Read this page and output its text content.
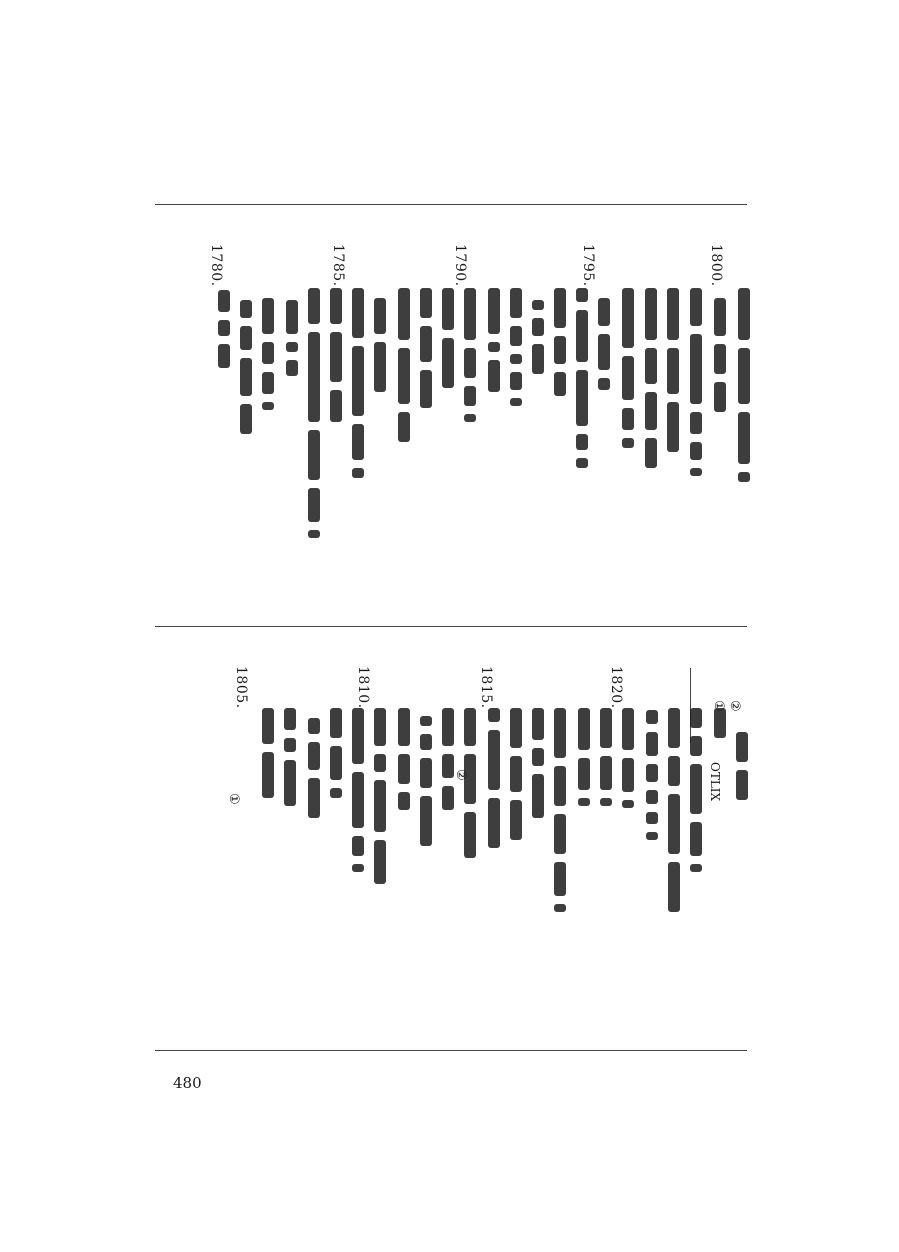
1800.
1795.
1790.
1785.
1780.
1820.
1815.
1810.
1805.	① ②
OTLIX
②
①
480
